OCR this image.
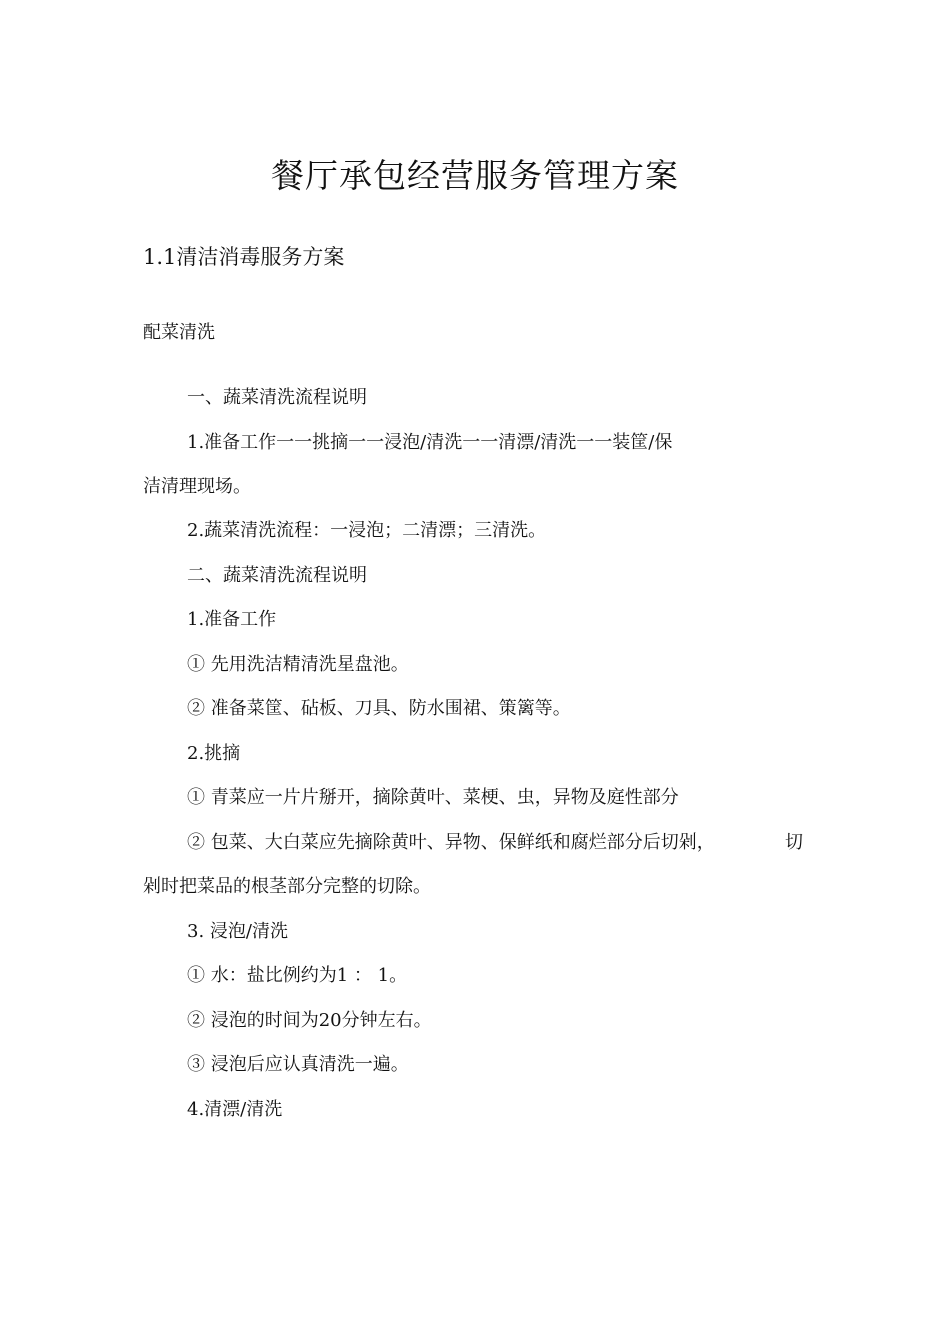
餐厅承包经营服务管理方案
1.1清洁消毒服务方案
配菜清洗
一、蔬菜清洗流程说明
1.准备工作一一挑摘一一浸泡/清洗一一清漂/清洗一一装筐/保
洁清理现场。
2.蔬菜清洗流程：一浸泡；二清漂；三清洗。
二、蔬菜清洗流程说明
1.准备工作
① 先用洗洁精清洗星盘池。
② 准备菜筐、砧板、刀具、防水围裙、策篱等。
2.挑摘
① 青菜应一片片掰开，摘除黄叶、菜梗、虫，异物及庭性部分
② 包菜、大白菜应先摘除黄叶、异物、保鲜纸和腐烂部分后切剁，	切
剁时把菜品的根茎部分完整的切除。
3. 浸泡/清洗
① 水：盐比例约为1 ： 1。
② 浸泡的时间为20分钟左右。
③ 浸泡后应认真清洗一遍。
4.清漂/清洗
